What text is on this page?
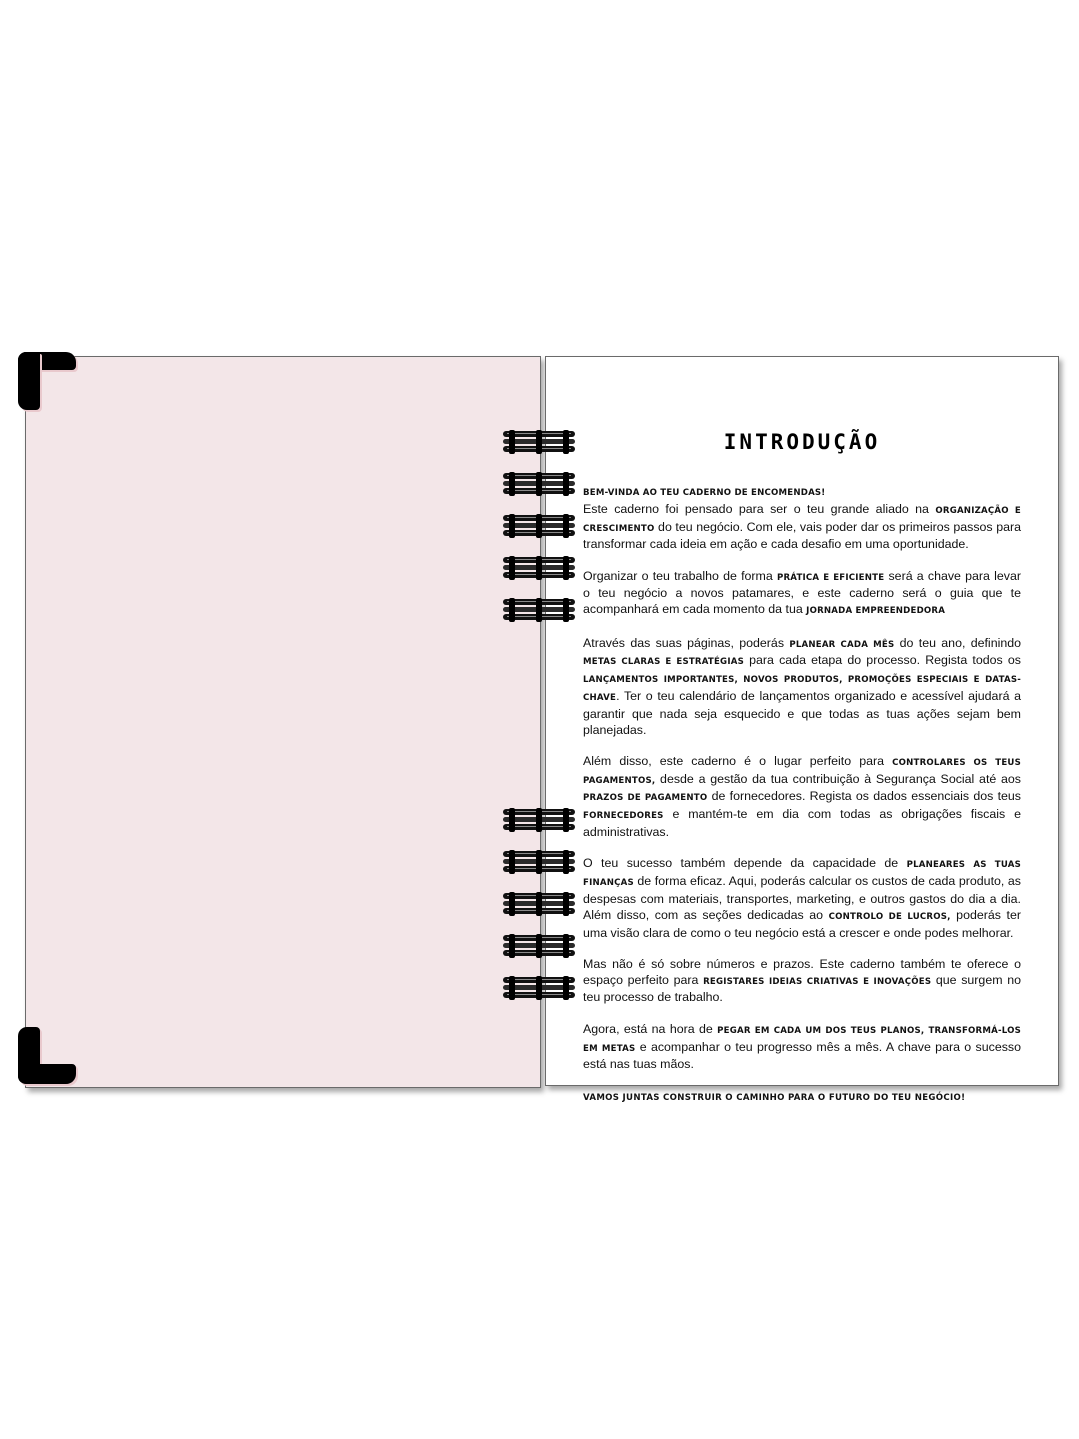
INTRODUÇÃO

BEM-VINDA AO TEU CADERNO DE ENCOMENDAS!
Este caderno foi pensado para ser o teu grande aliado na ORGANIZAÇÃO E CRESCIMENTO do teu negócio. Com ele, vais poder dar os primeiros passos para transformar cada ideia em ação e cada desafio em uma oportunidade.

Organizar o teu trabalho de forma PRÁTICA E EFICIENTE será a chave para levar o teu negócio a novos patamares, e este caderno será o guia que te acompanhará em cada momento da tua JORNADA EMPREENDEDORA

Através das suas páginas, poderás PLANEAR CADA MÊS do teu ano, definindo METAS CLARAS E ESTRATÉGIAS para cada etapa do processo. Regista todos os LANÇAMENTOS IMPORTANTES, NOVOS PRODUTOS, PROMOÇÕES ESPECIAIS E DATAS-CHAVE. Ter o teu calendário de lançamentos organizado e acessível ajudará a garantir que nada seja esquecido e que todas as tuas ações sejam bem planejadas.

Além disso, este caderno é o lugar perfeito para CONTROLARES OS TEUS PAGAMENTOS, desde a gestão da tua contribuição à Segurança Social até aos PRAZOS DE PAGAMENTO de fornecedores. Regista os dados essenciais dos teus FORNECEDORES e mantém-te em dia com todas as obrigações fiscais e administrativas.

O teu sucesso também depende da capacidade de PLANEARES AS TUAS FINANÇAS de forma eficaz. Aqui, poderás calcular os custos de cada produto, as despesas com materiais, transportes, marketing, e outros gastos do dia a dia. Além disso, com as seções dedicadas ao CONTROLO DE LUCROS, poderás ter uma visão clara de como o teu negócio está a crescer e onde podes melhorar.

Mas não é só sobre números e prazos. Este caderno também te oferece o espaço perfeito para REGISTARES IDEIAS CRIATIVAS E INOVAÇÕES que surgem no teu processo de trabalho.

Agora, está na hora de PEGAR EM CADA UM DOS TEUS PLANOS, TRANSFORMÁ-LOS EM METAS e acompanhar o teu progresso mês a mês. A chave para o sucesso está nas tuas mãos.

VAMOS JUNTAS CONSTRUIR O CAMINHO PARA O FUTURO DO TEU NEGÓCIO!
